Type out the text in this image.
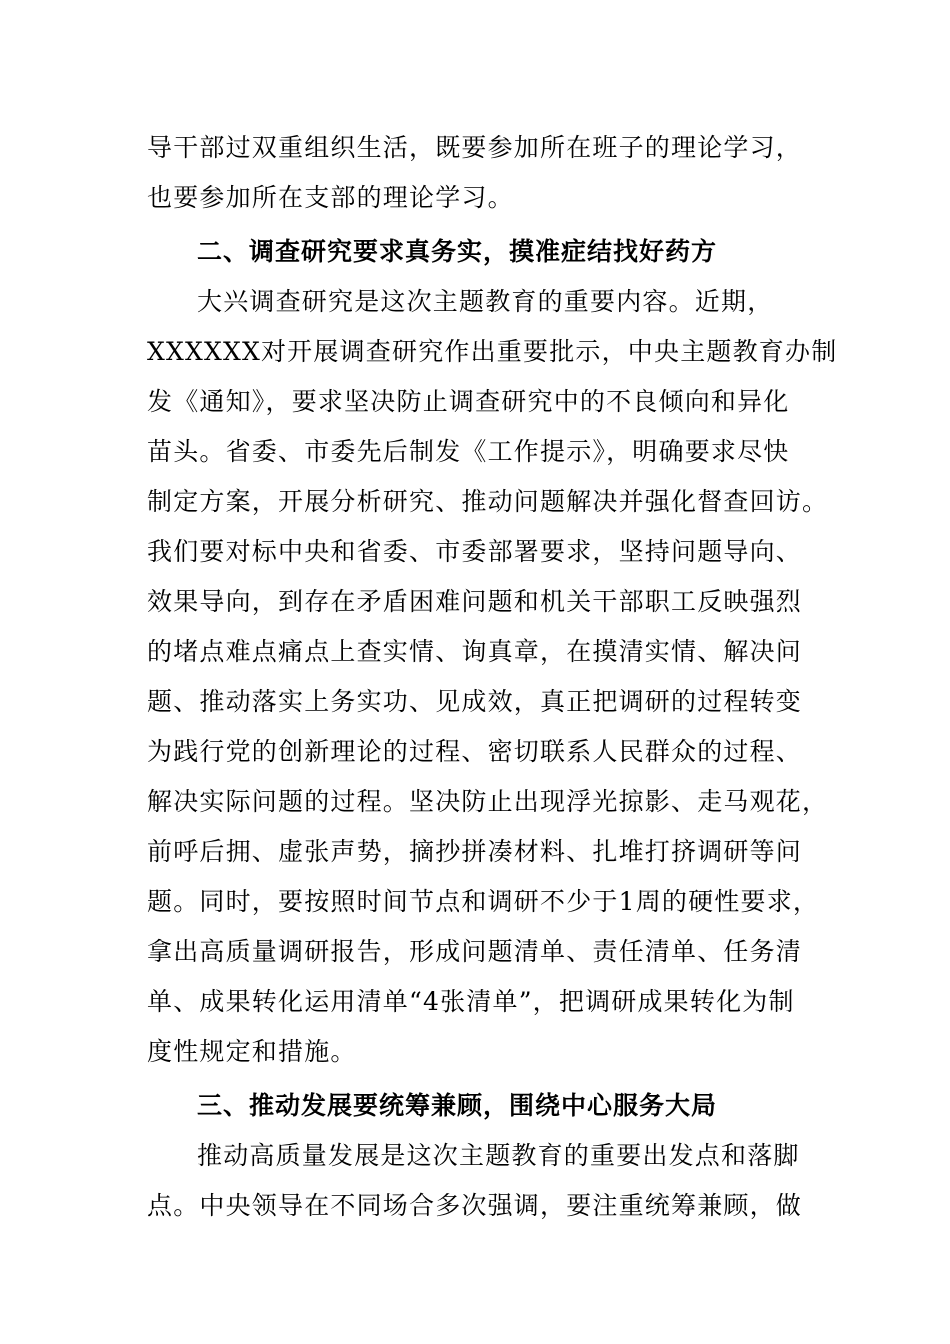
导干部过双重组织生活，既要参加所在班子的理论学习，
也要参加所在支部的理论学习。
二、调查研究要求真务实，摸准症结找好药方
大兴调查研究是这次主题教育的重要内容。近期，
XXXXXX对开展调查研究作出重要批示，中央主题教育办制
发《通知》，要求坚决防止调查研究中的不良倾向和异化
苗头。省委、市委先后制发《工作提示》，明确要求尽快
制定方案，开展分析研究、推动问题解决并强化督查回访。
我们要对标中央和省委、市委部署要求，坚持问题导向、
效果导向，到存在矛盾困难问题和机关干部职工反映强烈
的堵点难点痛点上查实情、询真章，在摸清实情、解决问
题、推动落实上务实功、见成效，真正把调研的过程转变
为践行党的创新理论的过程、密切联系人民群众的过程、
解决实际问题的过程。坚决防止出现浮光掠影、走马观花，
前呼后拥、虚张声势，摘抄拼凑材料、扎堆打挤调研等问
题。同时，要按照时间节点和调研不少于1周的硬性要求，
拿出高质量调研报告，形成问题清单、责任清单、任务清
单、成果转化运用清单“4张清单”，把调研成果转化为制
度性规定和措施。
三、推动发展要统筹兼顾，围绕中心服务大局
推动高质量发展是这次主题教育的重要出发点和落脚
点。中央领导在不同场合多次强调，要注重统筹兼顾，做
